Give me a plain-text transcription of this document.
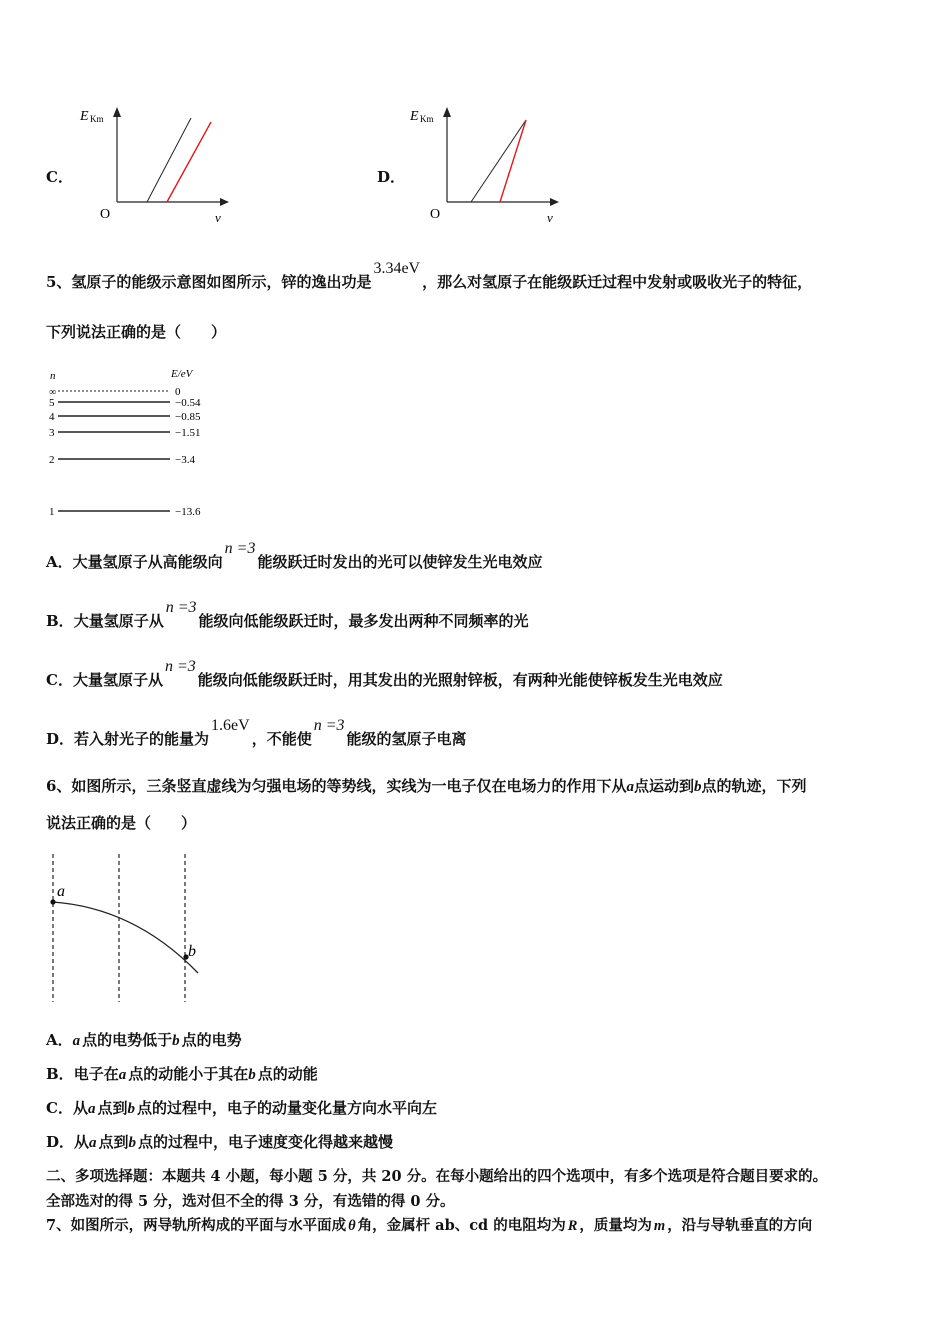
C．
E Km
O	v
D．
E Km
O	v
5、氢原子的能级示意图如图所示，锌的逸出功是3.34eV，那么对氢原子在能级跃迁过程中发射或吸收光子的特征，
下列说法正确的是（　　）
n	E/eV
∞	0
5	−0.54
4	−0.85
3	−1.51
2	−3.4
1	−13.6
A．大量氢原子从高能级向n =3能级跃迁时发出的光可以使锌发生光电效应
B．大量氢原子从n =3能级向低能级跃迁时，最多发出两种不同频率的光
C．大量氢原子从n =3能级向低能级跃迁时，用其发出的光照射锌板，有两种光能使锌板发生光电效应
D．若入射光子的能量为1.6eV，不能使n =3能级的氢原子电离
6、如图所示，三条竖直虚线为匀强电场的等势线，实线为一电子仅在电场力的作用下从a点运动到b点的轨迹，下列
说法正确的是（　　）
a
b
A．a 点的电势低于b 点的电势
B．电子在a 点的动能小于其在b 点的动能
C．从a 点到b 点的过程中，电子的动量变化量方向水平向左
D．从a 点到b 点的过程中，电子速度变化得越来越慢
二、多项选择题：本题共 4 小题，每小题 5 分，共 20 分。在每小题给出的四个选项中，有多个选项是符合题目要求的。
全部选对的得 5 分，选对但不全的得 3 分，有选错的得 0 分。
7、如图所示，两导轨所构成的平面与水平面成 θ 角，金属杆 ab、cd 的电阻均为 R ，质量均为 m ，沿与导轨垂直的方向
